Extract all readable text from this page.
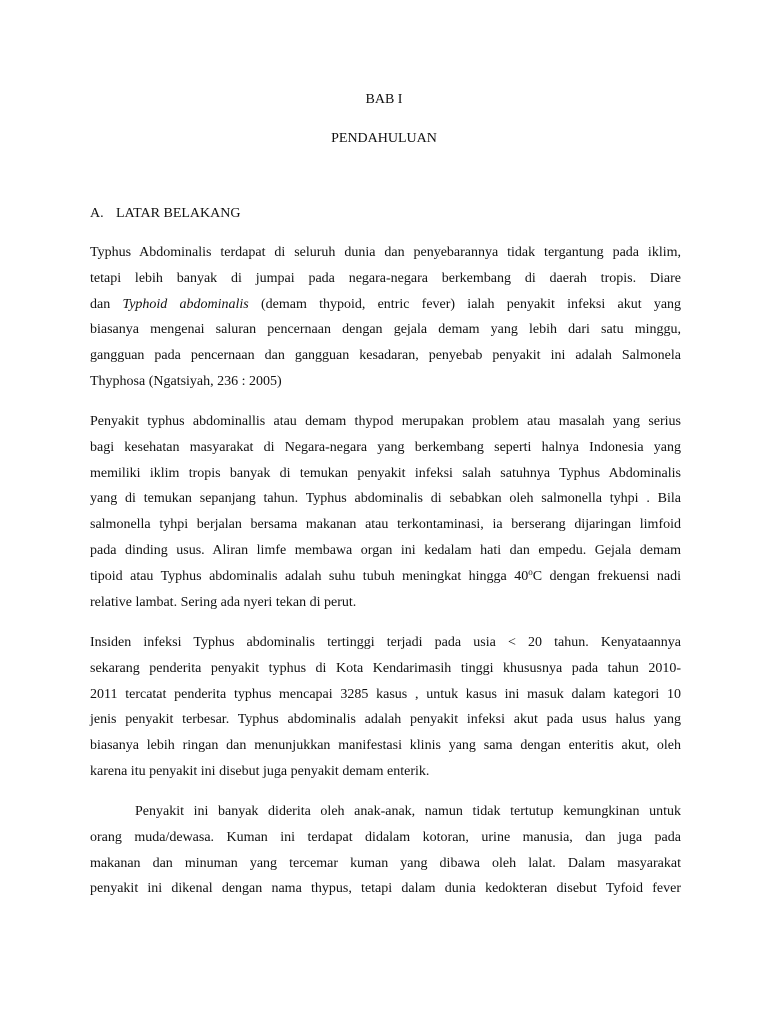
BAB I
PENDAHULUAN
A. LATAR BELAKANG
Typhus Abdominalis terdapat di seluruh dunia dan penyebarannya tidak tergantung pada iklim,
tetapi lebih banyak di jumpai pada negara-negara berkembang di daerah tropis. Diare
dan Typhoid abdominalis (demam thypoid, entric fever) ialah penyakit infeksi akut yang
biasanya mengenai saluran pencernaan dengan gejala demam yang lebih dari satu minggu,
gangguan pada pencernaan dan gangguan kesadaran, penyebab penyakit ini adalah Salmonela
Thyphosa (Ngatsiyah, 236 : 2005)
Penyakit typhus abdominallis atau demam thypod merupakan problem atau masalah yang serius
bagi kesehatan masyarakat di Negara-negara yang berkembang seperti halnya Indonesia yang
memiliki iklim tropis banyak di temukan penyakit infeksi salah satuhnya Typhus Abdominalis
yang di temukan sepanjang tahun. Typhus abdominalis di sebabkan oleh salmonella tyhpi . Bila
salmonella tyhpi berjalan bersama makanan atau terkontaminasi, ia berserang dijaringan limfoid
pada dinding usus. Aliran limfe membawa organ ini kedalam hati dan empedu. Gejala demam
tipoid atau Typhus abdominalis adalah suhu tubuh meningkat hingga 40$^o$C dengan frekuensi nadi
relative lambat. Sering ada nyeri tekan di perut.
Insiden infeksi Typhus abdominalis tertinggi terjadi pada usia < 20 tahun. Kenyataannya
sekarang penderita penyakit typhus di Kota Kendarimasih tinggi khususnya pada tahun 2010-
2011 tercatat penderita typhus mencapai 3285 kasus , untuk kasus ini masuk dalam kategori 10
jenis penyakit terbesar. Typhus abdominalis adalah penyakit infeksi akut pada usus halus yang
biasanya lebih ringan dan menunjukkan manifestasi klinis yang sama dengan enteritis akut, oleh
karena itu penyakit ini disebut juga penyakit demam enterik.
Penyakit ini banyak diderita oleh anak-anak, namun tidak tertutup kemungkinan untuk
orang muda/dewasa. Kuman ini terdapat didalam kotoran, urine manusia, dan juga pada
makanan dan minuman yang tercemar kuman yang dibawa oleh lalat. Dalam masyarakat
penyakit ini dikenal dengan nama thypus, tetapi dalam dunia kedokteran disebut Tyfoid fever
